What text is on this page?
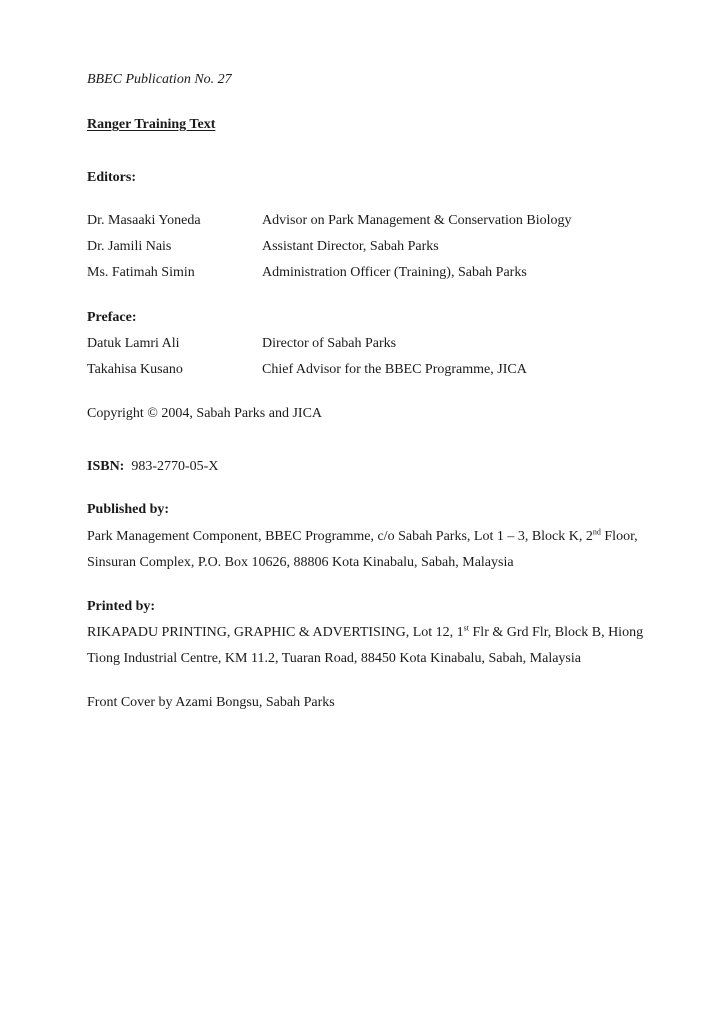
BBEC Publication No. 27
Ranger Training Text
Editors:
Dr. Masaaki Yoneda	Advisor on Park Management & Conservation Biology
Dr. Jamili Nais	Assistant Director, Sabah Parks
Ms. Fatimah Simin	Administration Officer (Training), Sabah Parks
Preface:
Datuk Lamri Ali	Director of Sabah Parks
Takahisa Kusano	Chief Advisor for the BBEC Programme, JICA
Copyright © 2004, Sabah Parks and JICA
ISBN: 983-2770-05-X
Published by:
Park Management Component, BBEC Programme, c/o Sabah Parks, Lot 1 – 3, Block K, 2nd Floor,
Sinsuran Complex, P.O. Box 10626, 88806 Kota Kinabalu, Sabah, Malaysia
Printed by:
RIKAPADU PRINTING, GRAPHIC & ADVERTISING, Lot 12, 1st Flr & Grd Flr, Block B, Hiong
Tiong Industrial Centre, KM 11.2, Tuaran Road, 88450 Kota Kinabalu, Sabah, Malaysia
Front Cover by Azami Bongsu, Sabah Parks
